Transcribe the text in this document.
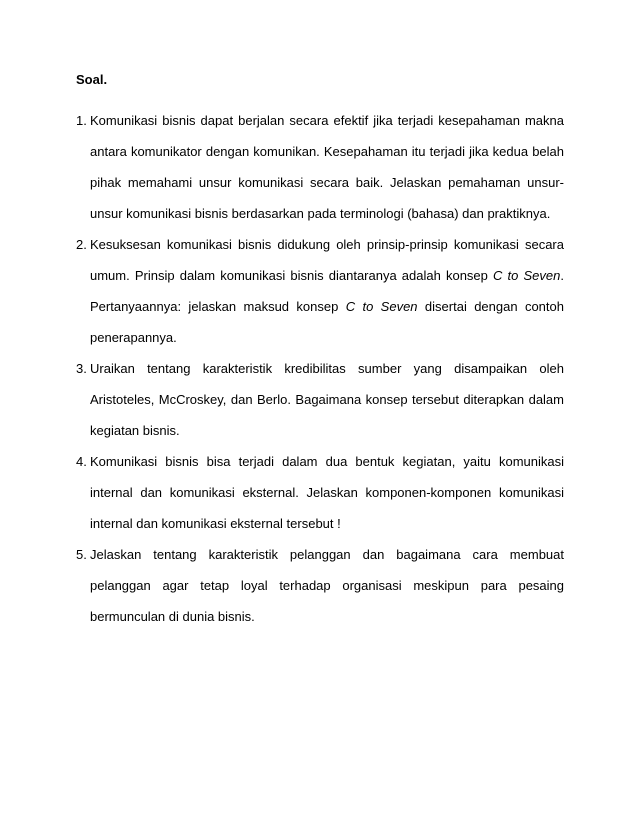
Soal.

1. Komunikasi bisnis dapat berjalan secara efektif jika terjadi kesepahaman makna antara komunikator dengan komunikan. Kesepahaman itu terjadi jika kedua belah pihak memahami unsur komunikasi secara baik. Jelaskan pemahaman unsur-unsur komunikasi bisnis berdasarkan pada terminologi (bahasa) dan praktiknya.
2. Kesuksesan komunikasi bisnis didukung oleh prinsip-prinsip komunikasi secara umum. Prinsip dalam komunikasi bisnis diantaranya adalah konsep C to Seven. Pertanyaannya: jelaskan maksud konsep C to Seven disertai dengan contoh penerapannya.
3. Uraikan tentang karakteristik kredibilitas sumber yang disampaikan oleh Aristoteles, McCroskey, dan Berlo. Bagaimana konsep tersebut diterapkan dalam kegiatan bisnis.
4. Komunikasi bisnis bisa terjadi dalam dua bentuk kegiatan, yaitu komunikasi internal dan komunikasi eksternal. Jelaskan komponen-komponen komunikasi internal dan komunikasi eksternal tersebut !
5. Jelaskan tentang karakteristik pelanggan dan bagaimana cara membuat pelanggan agar tetap loyal terhadap organisasi meskipun para pesaing bermunculan di dunia bisnis.
